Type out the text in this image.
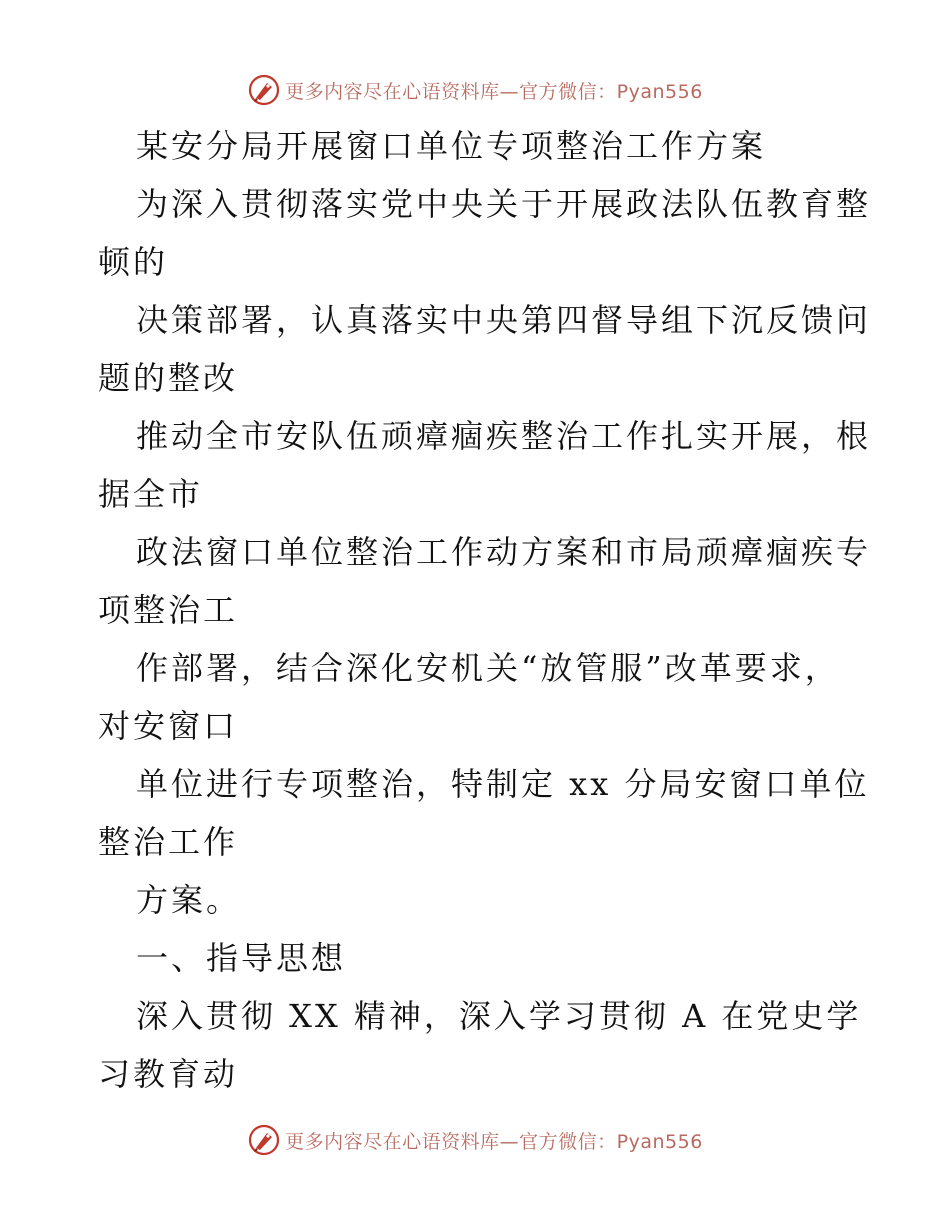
更多内容尽在心语资料库—官方微信：Pyan556
某安分局开展窗口单位专项整治工作方案
为深入贯彻落实党中央关于开展政法队伍教育整
顿的
决策部署，认真落实中央第四督导组下沉反馈问
题的整改
推动全市安队伍顽瘴痼疾整治工作扎实开展，根
据全市
政法窗口单位整治工作动方案和市局顽瘴痼疾专
项整治工
作部署，结合深化安机关“放管服”改革要求，
对安窗口
单位进行专项整治，特制定 xx 分局安窗口单位
整治工作
方案。
一、指导思想
深入贯彻 XX 精神，深入学习贯彻 A 在党史学
习教育动
更多内容尽在心语资料库—官方微信：Pyan556
